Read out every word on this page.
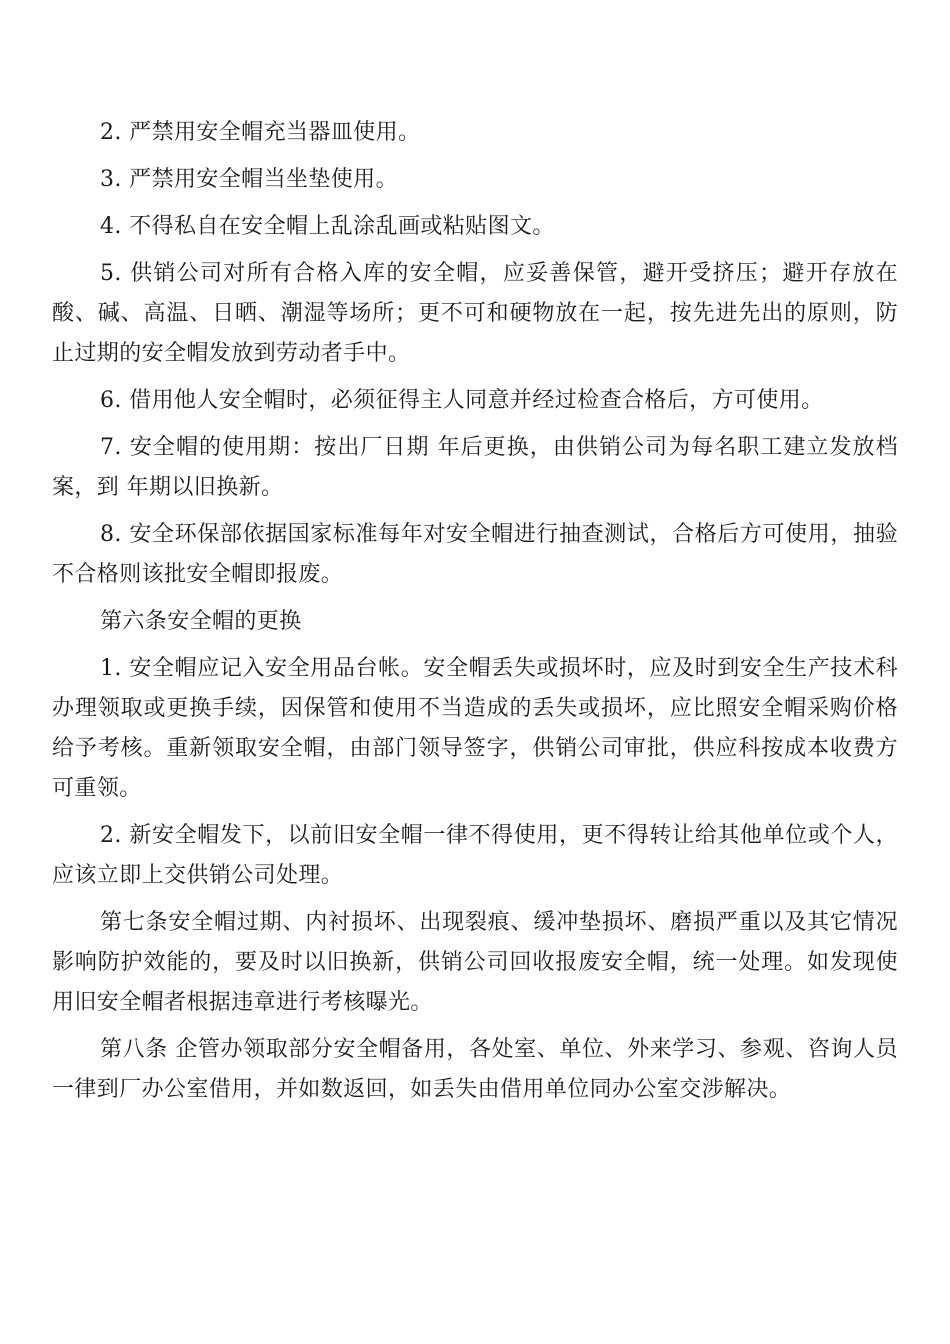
2. 严禁用安全帽充当器皿使用。

3. 严禁用安全帽当坐垫使用。

4. 不得私自在安全帽上乱涂乱画或粘贴图文。

5. 供销公司对所有合格入库的安全帽，应妥善保管，避开受挤压；避开存放在酸、碱、高温、日晒、潮湿等场所；更不可和硬物放在一起，按先进先出的原则，防止过期的安全帽发放到劳动者手中。

6. 借用他人安全帽时，必须征得主人同意并经过检查合格后，方可使用。

7. 安全帽的使用期：按出厂日期 年后更换，由供销公司为每名职工建立发放档案，到 年期以旧换新。

8. 安全环保部依据国家标准每年对安全帽进行抽查测试，合格后方可使用，抽验不合格则该批安全帽即报废。

第六条安全帽的更换

1. 安全帽应记入安全用品台帐。安全帽丢失或损坏时，应及时到安全生产技术科办理领取或更换手续，因保管和使用不当造成的丢失或损坏，应比照安全帽采购价格给予考核。重新领取安全帽，由部门领导签字，供销公司审批，供应科按成本收费方可重领。

2. 新安全帽发下，以前旧安全帽一律不得使用，更不得转让给其他单位或个人，应该立即上交供销公司处理。

第七条安全帽过期、内衬损坏、出现裂痕、缓冲垫损坏、磨损严重以及其它情况影响防护效能的，要及时以旧换新，供销公司回收报废安全帽，统一处理。如发现使用旧安全帽者根据违章进行考核曝光。

第八条 企管办领取部分安全帽备用，各处室、单位、外来学习、参观、咨询人员一律到厂办公室借用，并如数返回，如丢失由借用单位同办公室交涉解决。
